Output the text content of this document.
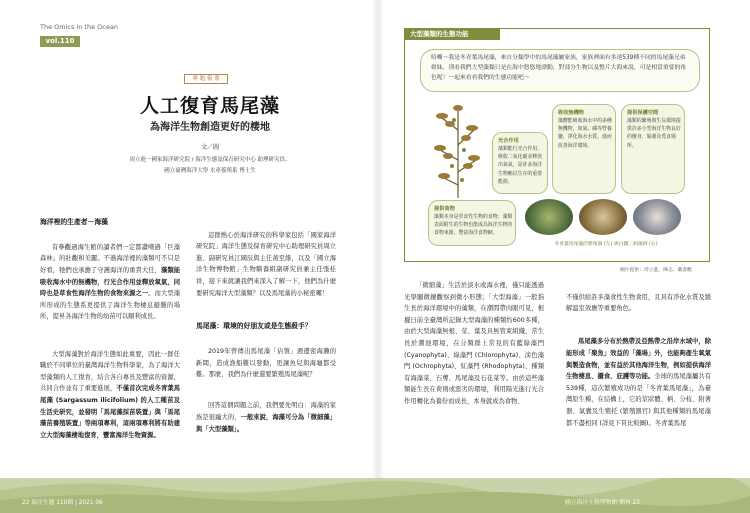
The Omics in the Ocean
vol.110
專 題 報 導
人工復育馬尾藻
為海洋生物創造更好的棲地
文／圖
周立進一國家海洋研究院 / 海洋生態及保育研究中心 助理研究員、
國立臺灣海洋大學 水產養殖系 博士生

海洋裡的生產者－海藻

有參觀過海生館的讀者們一定都讚嘆過「巨藻森林」的壯觀和美麗。不過海洋裡的藻類可不只是好看，牠們也承擔了守護海洋的重責大任，藻類能吸收海水中的無機物，行光合作用並釋放氧氣，同時也是草食性海洋生物的食物來源之一。而大型藻所形成的生態系更提供了海洋生物棲息避難的場所，提昇各海洋生物的幼苗可以順利成長。

大型海藻對於海洋生態如此重要，因此一群任職於不同單位的臺灣海洋生物科學家，為了海洋大型藻類的人工復育，結合各自專長及豐富的資源，共同合作並有了重要進展，不僅首次完成冬青葉馬尾藻 (Sargassum ilicifolium) 的人工種苗及生活史研究，並發明「馬尾藻採苗裝置」與「馬尾藻苗養殖裝置」等兩項專利，這兩項專利將有助建立大型海藻棲地復育，豐富海洋生物資源。

這群熱心於海洋研究的科學家包括「國家海洋研究院」海洋生態及保育研究中心助理研究員周立進、副研究員江國辰與主任黃至維，以及「國立海洋生物博物館」生物馴養組副研究員兼主任張桂祥，接下來就讓我們來深入了解一下，他們為什麼要研究海洋大型藻類？以及馬尾藻的小秘密囉！

馬尾藻：環境的好朋友或是生態殺手？

2019年曾傳出馬尾藻「佔領」週邊密海灘的新聞，造成漁船難以發動，更讓魚兒與海龜都受難。那麼，我們為什麼還要繁殖馬尾藻呢？

回答這個問題之前，我們要先明白：海藻的家族是很龐大的，一般來說，海藻可分為「微細藻」與「大型藻類」。

大型藻類的生態功能
哈囉～我是冬青葉馬尾藻，來自分類學中的馬尾藻屬家族，家族裡面有多達539種不同的馬尾藻兄弟姐妹，別看我們大型藻類只是在海中悠悠地漂動，對部分生物以及整片大海來說，可是相當重要的角色呢！一起來看看我們的生態功能吧～
光合作用
藻類能行光合作用，吸收二氧化碳並釋放出氧氣，是許多海洋生物賴以生存的重要能源。
吸收無機物
藻體能吸收海水中的多種無機物，如氮、磷等營養鹽，淨化海水水質，進而改善海洋環境。
提供保護空間
藻類的繁殖與生長環境提供許多小型海洋生物良好的棲身、躲避及覓食場所。
提供食物
藻類本身是草食性生物的食物；藻類表面附生的生物也能成為海洋生物的食物來源，豐富海洋食物網。
冬青葉馬尾藻的繁殖器 (左) 與白鐵三刺藻鉤 (右)
圖片提供：周立進、陳志、戴書歡
「微細藻」生活於淡水或海水裡，僅只能透過光學顯微鏡觀察到微小形態；「大型海藻」一般指生長於海洋環境中的藻類，在潮間帶肉眼可見，根據日前全臺灣所記錄大型海藻的種類約600多種，由於大型海藻無根、莖、葉及具無管束組織，常生長於潮池環境，在分類群上常見的有藍綠藻門 (Cyanophyta)、綠藻門 (Chlorophyta)、淡色藻門 (Ochrophyta)、紅藻門 (Rhodophyta)、種類有海藻菜、石蓴、馬尾藻及石花菜等。由於這些藻類能生長在荷則或惡劣的環境，利用陽光進行光合作用轉化為養份而成長，本身就成為食物、

不僅供給許多藻食性生物食用，且具有淨化水質及緩解溫室效應等重要角色。

馬尾藻多分布於熱帶及亞熱帶之沿岸水域中，除能形成「聚魚」效益的「藻場」外，也能夠產生氧氣與製造食物，並有益於其他海洋生物，例如提供海洋生物棲息、攝食、庇護等功能。全球的馬尾藻屬共有539種，這次繁殖成功的是「冬青葉馬尾藻」，為臺灣原生種，在結構上，它的莖狀體、柄、分枝、附著器、氣囊及生殖托 (繁殖器官) 與其他種類的馬尾藻都不盡相同 (詳見下頁比較圖)。冬青葉馬尾

22 海洋生態 110期 | 2021.06	國立海洋生物博物館 期刊 23
